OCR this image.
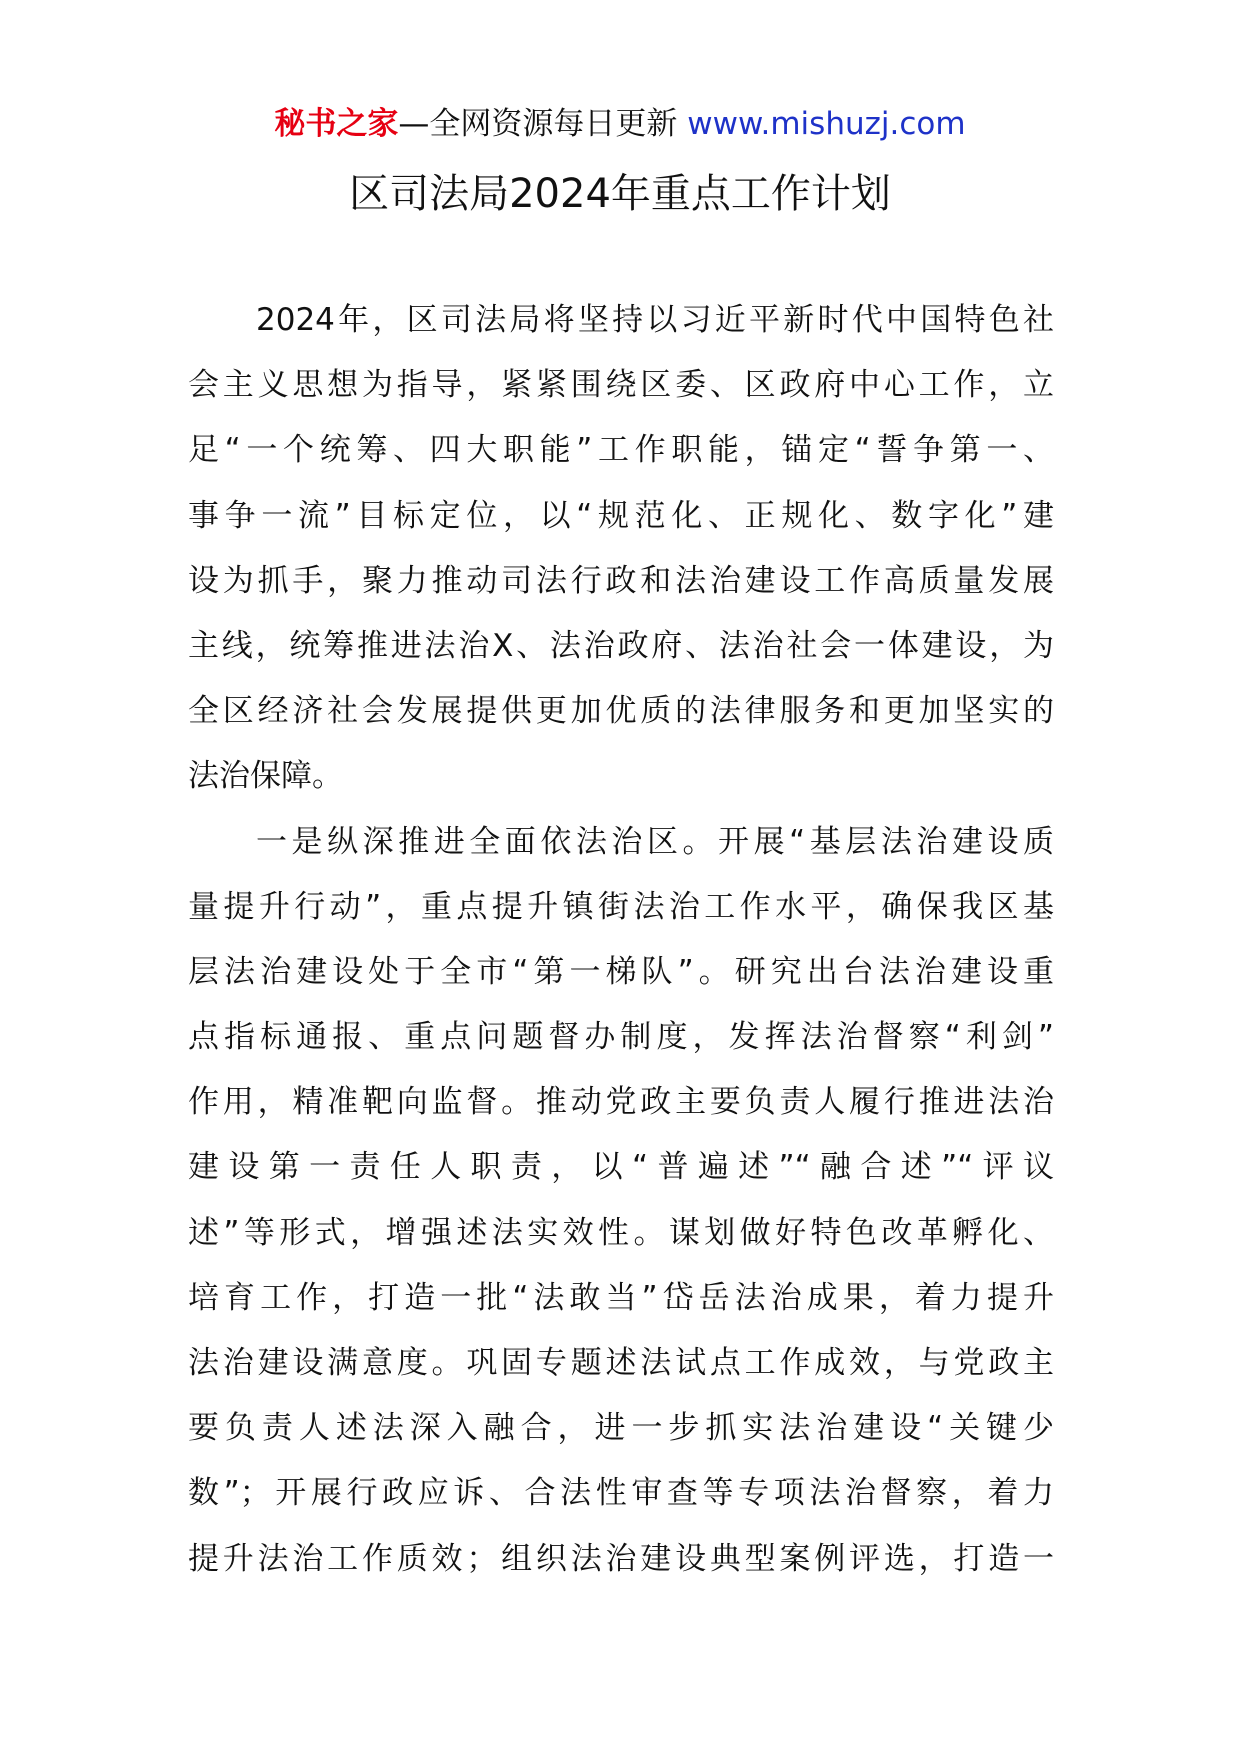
秘书之家—全网资源每日更新 www.mishuzj.com
区司法局2024年重点工作计划
2024年，区司法局将坚持以习近平新时代中国特色社
会主义思想为指导，紧紧围绕区委、区政府中心工作，立
足“一个统筹、四大职能”工作职能，锚定“誓争第一、
事争一流”目标定位，以“规范化、正规化、数字化”建
设为抓手，聚力推动司法行政和法治建设工作高质量发展
主线，统筹推进法治X、法治政府、法治社会一体建设，为
全区经济社会发展提供更加优质的法律服务和更加坚实的
法治保障。
一是纵深推进全面依法治区。开展“基层法治建设质
量提升行动”，重点提升镇街法治工作水平，确保我区基
层法治建设处于全市“第一梯队”。研究出台法治建设重
点指标通报、重点问题督办制度，发挥法治督察“利剑”
作用，精准靶向监督。推动党政主要负责人履行推进法治
建设第一责任人职责，以“普遍述”“融合述”“评议
述”等形式，增强述法实效性。谋划做好特色改革孵化、
培育工作，打造一批“法敢当”岱岳法治成果，着力提升
法治建设满意度。巩固专题述法试点工作成效，与党政主
要负责人述法深入融合，进一步抓实法治建设“关键少
数”；开展行政应诉、合法性审查等专项法治督察，着力
提升法治工作质效；组织法治建设典型案例评选，打造一
